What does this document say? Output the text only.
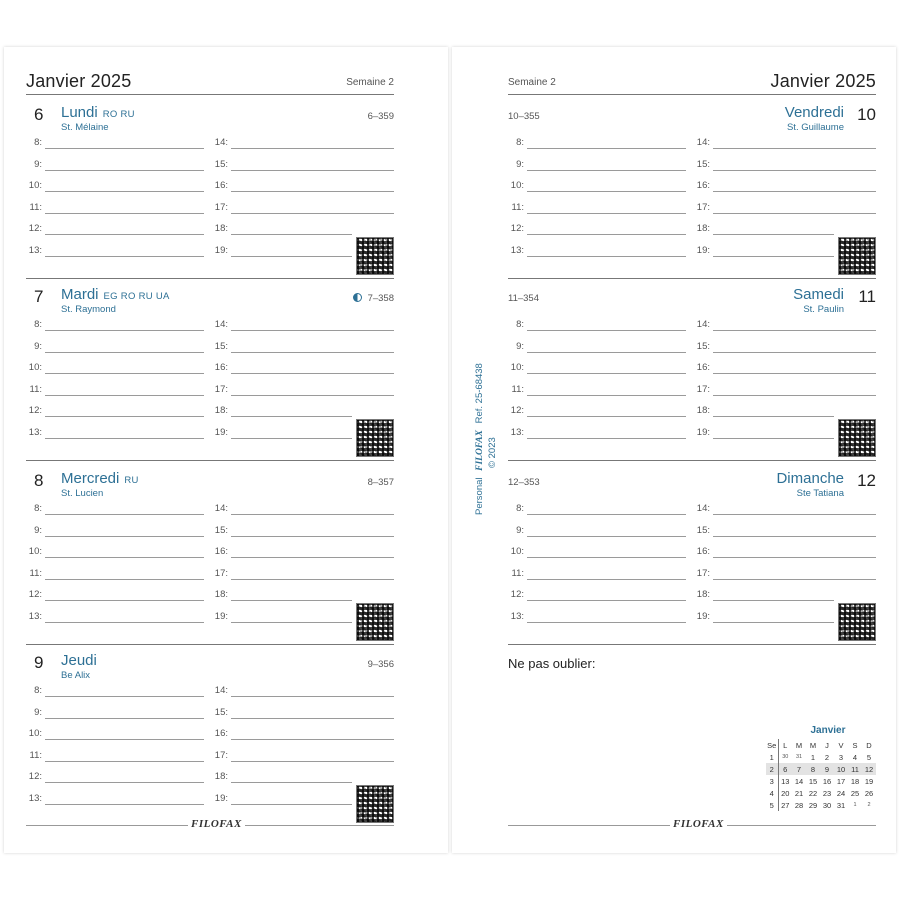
Janvier 2025	Semaine 2
6 Lundi RO RU
St. Mélaine
6–359
8:
9:
10:
11:
12:
13:
14:
15:
16:
17:
18:
19:
7 Mardi EG RO RU UA
St. Raymond
7–358
8:
9:
10:
11:
12:
13:
14:
15:
16:
17:
18:
19:
8 Mercredi RU
St. Lucien
8–357
8:
9:
10:
11:
12:
13:
14:
15:
16:
17:
18:
19:
9 Jeudi
Be Alix
9–356
8:
9:
10:
11:
12:
13:
14:
15:
16:
17:
18:
19:
FILOFAX
Semaine 2	Janvier 2025
Ne pas oublier:
Janvier
Se	L	M	M	J	V	S	D
1	30	31	1	2	3	4	5
2	6	7	8	9	10	11	12
3	13	14	15	16	17	18	19
4	20	21	22	23	24	25	26
5	27	28	29	30	31	1	2
10–355	Vendredi 10
St. Guillaume
8:
9:
10:
11:
12:
13:
14:
15:
16:
17:
18:
19:
11–354	Samedi 11
St. Paulin
8:
9:
10:
11:
12:
13:
14:
15:
16:
17:
18:
19:
12–353	Dimanche 12
Ste Tatiana
8:
9:
10:
11:
12:
13:
14:
15:
16:
17:
18:
19:
FILOFAX
Personal FILOFAX Ref. 25-68438
© 2023
